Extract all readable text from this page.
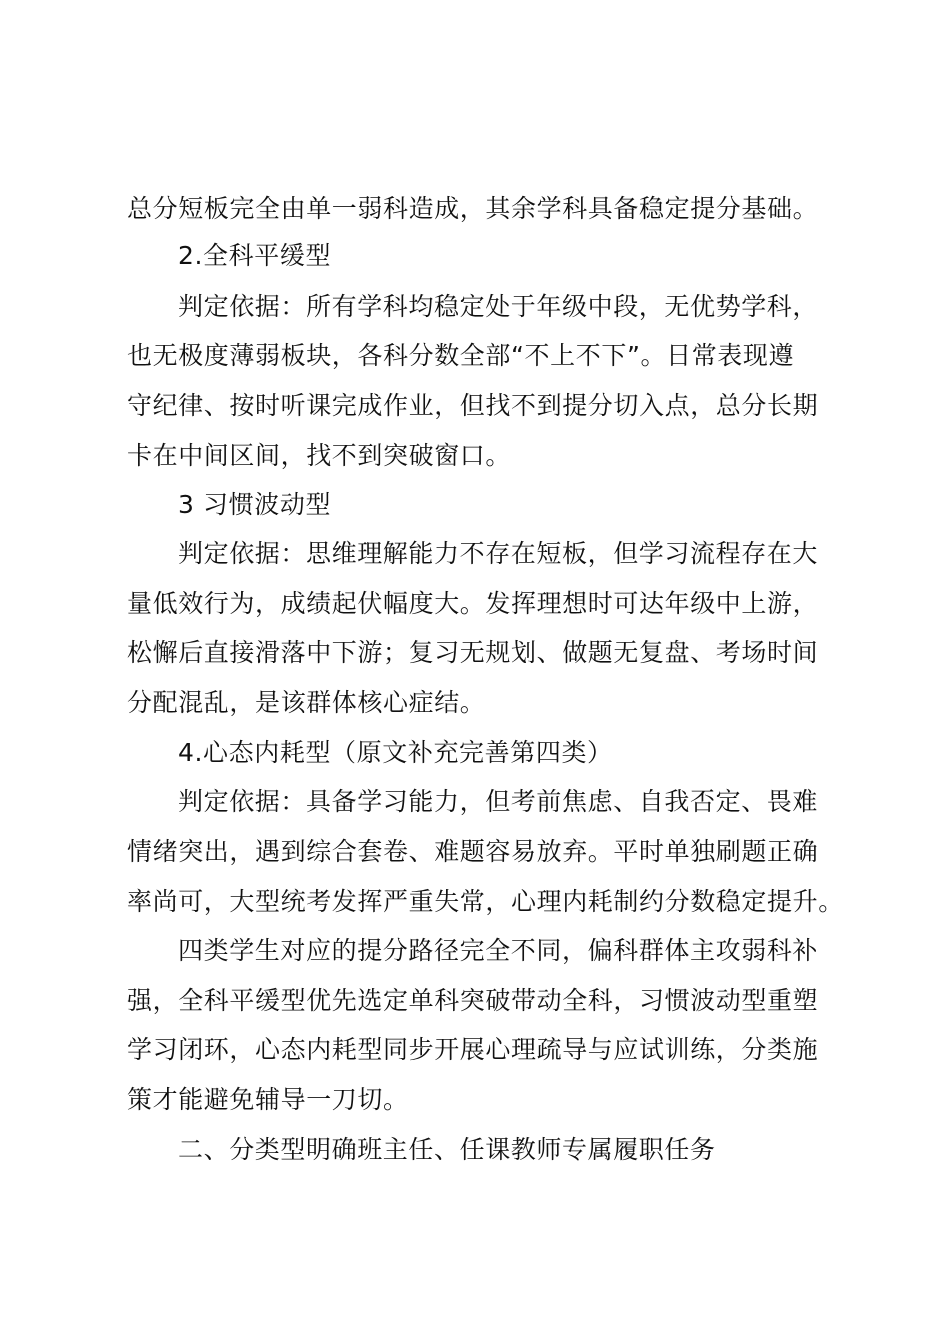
总分短板完全由单一弱科造成，其余学科具备稳定提分基础。
2.全科平缓型
判定依据：所有学科均稳定处于年级中段，无优势学科，
也无极度薄弱板块，各科分数全部“不上不下”。日常表现遵
守纪律、按时听课完成作业，但找不到提分切入点，总分长期
卡在中间区间，找不到突破窗口。
3 习惯波动型
判定依据：思维理解能力不存在短板，但学习流程存在大
量低效行为，成绩起伏幅度大。发挥理想时可达年级中上游，
松懈后直接滑落中下游；复习无规划、做题无复盘、考场时间
分配混乱，是该群体核心症结。
4.心态内耗型（原文补充完善第四类）
判定依据：具备学习能力，但考前焦虑、自我否定、畏难
情绪突出，遇到综合套卷、难题容易放弃。平时单独刷题正确
率尚可，大型统考发挥严重失常，心理内耗制约分数稳定提升。
四类学生对应的提分路径完全不同，偏科群体主攻弱科补
强，全科平缓型优先选定单科突破带动全科，习惯波动型重塑
学习闭环，心态内耗型同步开展心理疏导与应试训练，分类施
策才能避免辅导一刀切。
二、分类型明确班主任、任课教师专属履职任务
